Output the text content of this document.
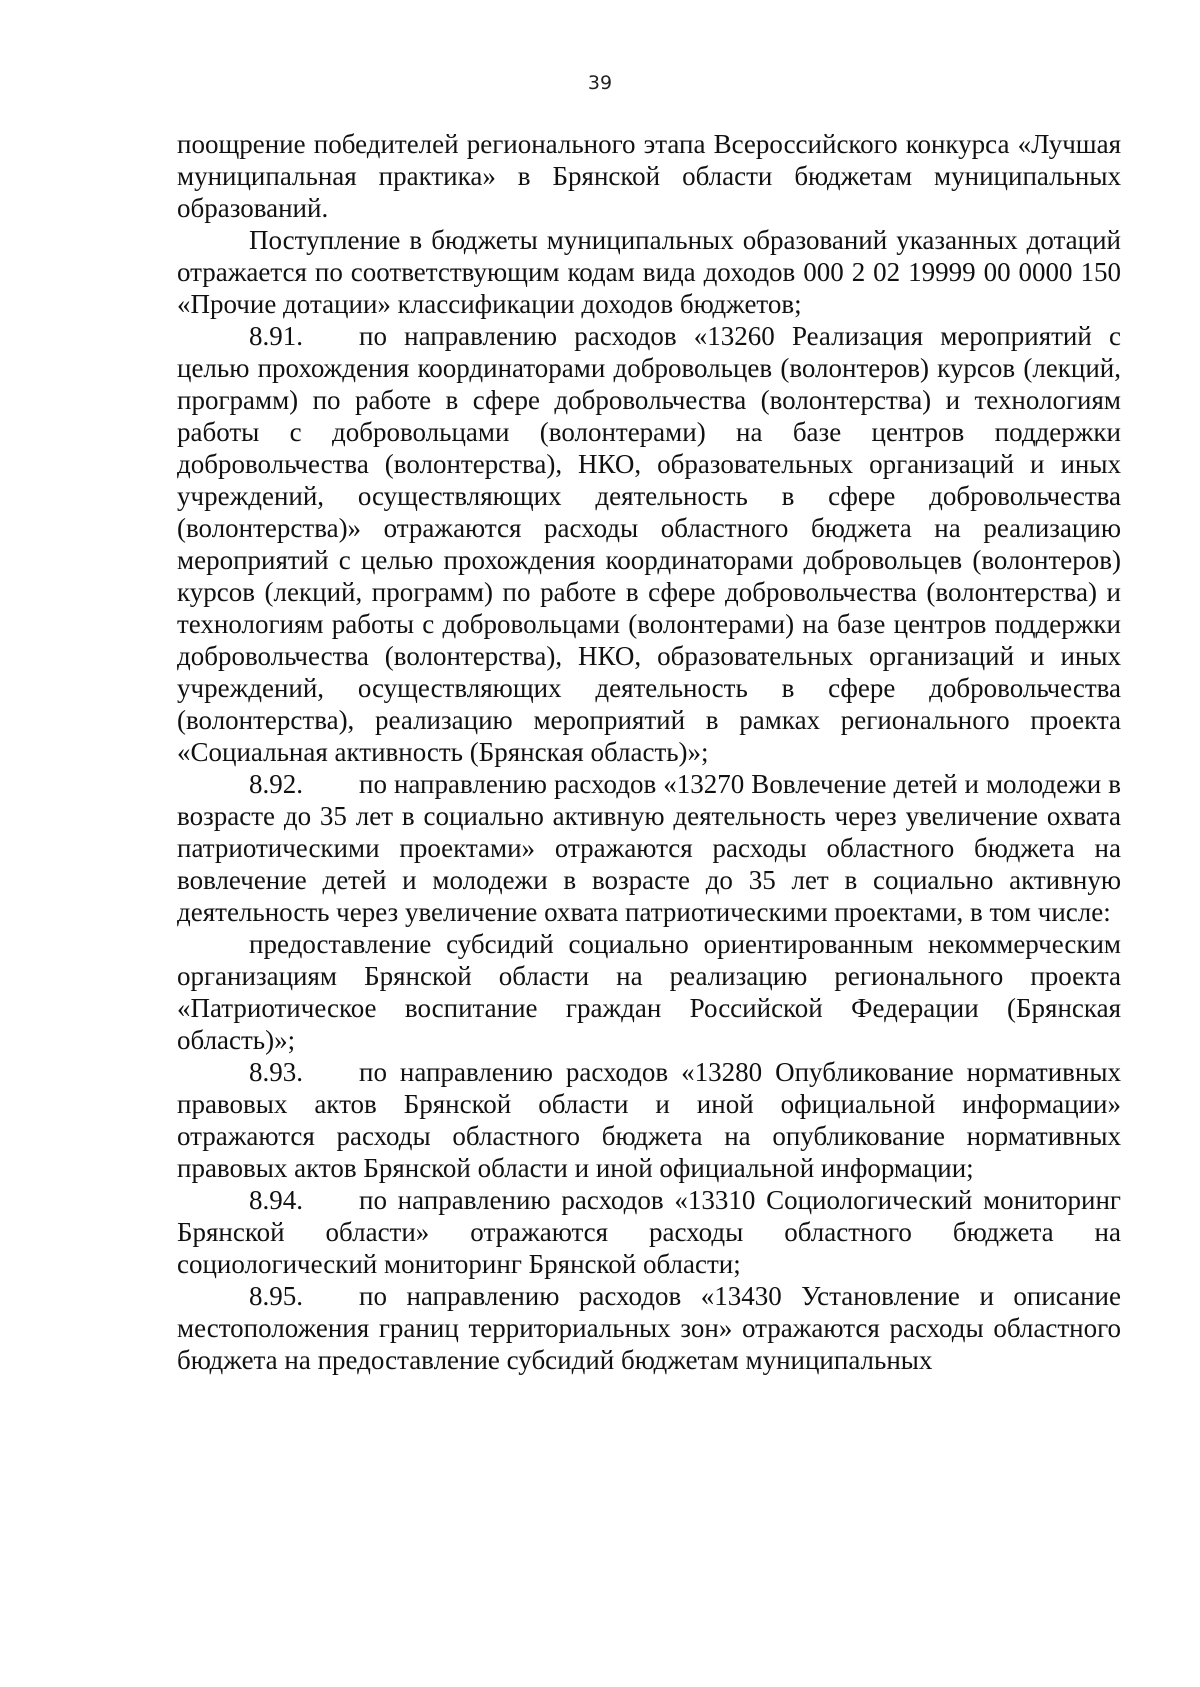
39

поощрение победителей регионального этапа Всероссийского конкурса «Лучшая муниципальная практика» в Брянской области бюджетам муниципальных образований.

Поступление в бюджеты муниципальных образований указанных дотаций отражается по соответствующим кодам вида доходов 000 2 02 19999 00 0000 150 «Прочие дотации» классификации доходов бюджетов;

8.91. по направлению расходов «13260 Реализация мероприятий с целью прохождения координаторами добровольцев (волонтеров) курсов (лекций, программ) по работе в сфере добровольчества (волонтерства) и технологиям работы с добровольцами (волонтерами) на базе центров поддержки добровольчества (волонтерства), НКО, образовательных организаций и иных учреждений, осуществляющих деятельность в сфере добровольчества (волонтерства)» отражаются расходы областного бюджета на реализацию мероприятий с целью прохождения координаторами добровольцев (волонтеров) курсов (лекций, программ) по работе в сфере добровольчества (волонтерства) и технологиям работы с добровольцами (волонтерами) на базе центров поддержки добровольчества (волонтерства), НКО, образовательных организаций и иных учреждений, осуществляющих деятельность в сфере добровольчества (волонтерства), реализацию мероприятий в рамках регионального проекта «Социальная активность (Брянская область)»;

8.92. по направлению расходов «13270 Вовлечение детей и молодежи в возрасте до 35 лет в социально активную деятельность через увеличение охвата патриотическими проектами» отражаются расходы областного бюджета на вовлечение детей и молодежи в возрасте до 35 лет в социально активную деятельность через увеличение охвата патриотическими проектами, в том числе:

предоставление субсидий социально ориентированным некоммерческим организациям Брянской области на реализацию регионального проекта «Патриотическое воспитание граждан Российской Федерации (Брянская область)»;

8.93. по направлению расходов «13280 Опубликование нормативных правовых актов Брянской области и иной официальной информации» отражаются расходы областного бюджета на опубликование нормативных правовых актов Брянской области и иной официальной информации;

8.94. по направлению расходов «13310 Социологический мониторинг Брянской области» отражаются расходы областного бюджета на социологический мониторинг Брянской области;

8.95. по направлению расходов «13430 Установление и описание местоположения границ территориальных зон» отражаются расходы областного бюджета на предоставление субсидий бюджетам муниципальных
